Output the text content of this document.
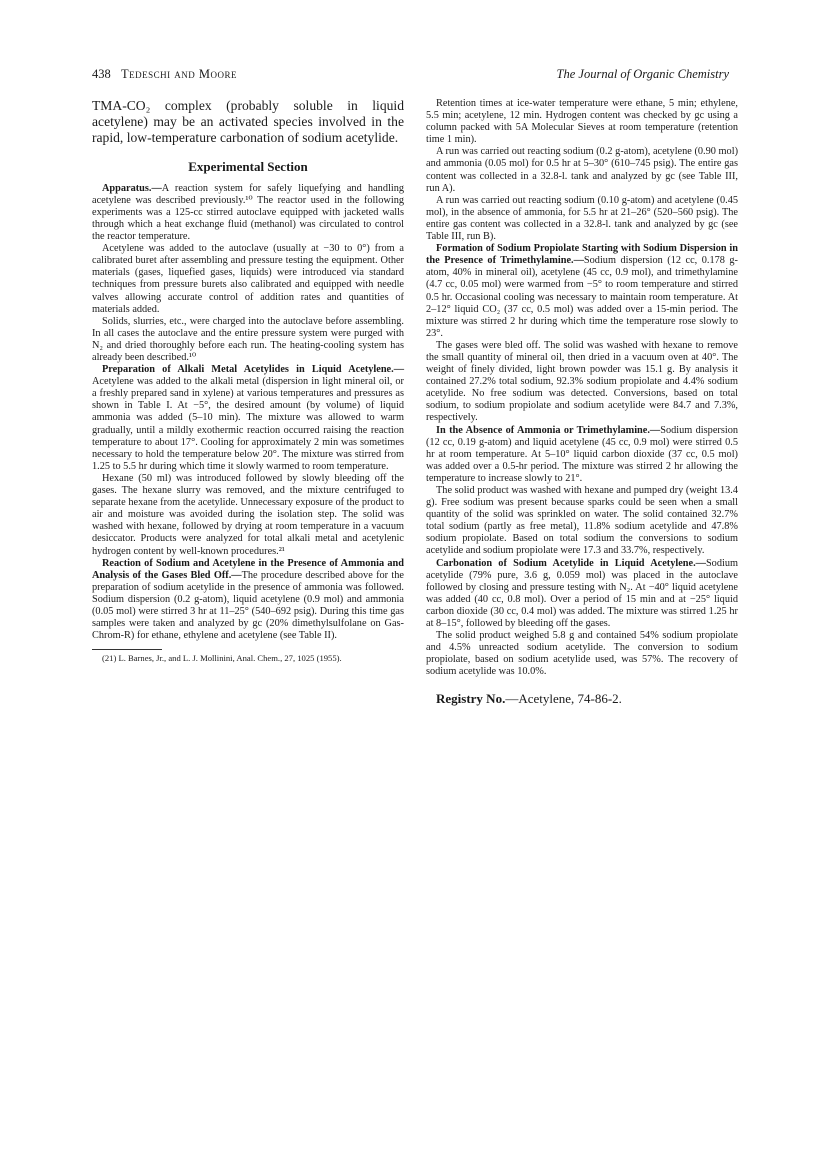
438 Tedeschi and Moore	The Journal of Organic Chemistry
TMA-CO₂ complex (probably soluble in liquid acetylene) may be an activated species involved in the rapid, low-temperature carbonation of sodium acetylide.
Experimental Section

Apparatus.—A reaction system for safely liquefying and handling acetylene was described previously.¹⁰ The reactor used in the following experiments was a 125-cc stirred autoclave equipped with jacketed walls through which a heat exchange fluid (methanol) was circulated to control the reactor temperature.

Acetylene was added to the autoclave (usually at −30 to 0°) from a calibrated buret after assembling and pressure testing the equipment. Other materials (gases, liquefied gases, liquids) were introduced via standard techniques from pressure burets also calibrated and equipped with needle valves allowing accurate control of addition rates and quantities of materials added.

Solids, slurries, etc., were charged into the autoclave before assembling. In all cases the autoclave and the entire pressure system were purged with N₂ and dried thoroughly before each run. The heating-cooling system has already been described.¹⁰

Preparation of Alkali Metal Acetylides in Liquid Acetylene.—Acetylene was added to the alkali metal (dispersion in light mineral oil, or a freshly prepared sand in xylene) at various temperatures and pressures as shown in Table I. At −5°, the desired amount (by volume) of liquid ammonia was added (5–10 min). The mixture was allowed to warm gradually, until a mildly exothermic reaction occurred raising the reaction temperature to about 17°. Cooling for approximately 2 min was sometimes necessary to hold the temperature below 20°. The mixture was stirred from 1.25 to 5.5 hr during which time it slowly warmed to room temperature.

Hexane (50 ml) was introduced followed by slowly bleeding off the gases. The hexane slurry was removed, and the mixture centrifuged to separate hexane from the acetylide. Unnecessary exposure of the product to air and moisture was avoided during the isolation step. The solid was washed with hexane, followed by drying at room temperature in a vacuum desiccator. Products were analyzed for total alkali metal and acetylenic hydrogen content by well-known procedures.²¹

Reaction of Sodium and Acetylene in the Presence of Ammonia and Analysis of the Gases Bled Off.—The procedure described above for the preparation of sodium acetylide in the presence of ammonia was followed. Sodium dispersion (0.2 g-atom), liquid acetylene (0.9 mol) and ammonia (0.05 mol) were stirred 3 hr at 11–25° (540–692 psig). During this time gas samples were taken and analyzed by gc (20% dimethylsulfolane on Gas-Chrom-R) for ethane, ethylene and acetylene (see Table II).

(21) L. Barnes, Jr., and L. J. Mollinini, Anal. Chem., 27, 1025 (1955).

Retention times at ice-water temperature were ethane, 5 min; ethylene, 5.5 min; acetylene, 12 min. Hydrogen content was checked by gc using a column packed with 5A Molecular Sieves at room temperature (retention time 1 min).

A run was carried out reacting sodium (0.2 g-atom), acetylene (0.90 mol) and ammonia (0.05 mol) for 0.5 hr at 5–30° (610–745 psig). The entire gas content was collected in a 32.8-l. tank and analyzed by gc (see Table III, run A).

A run was carried out reacting sodium (0.10 g-atom) and acetylene (0.45 mol), in the absence of ammonia, for 5.5 hr at 21–26° (520–560 psig). The entire gas content was collected in a 32.8-l. tank and analyzed by gc (see Table III, run B).

Formation of Sodium Propiolate Starting with Sodium Dispersion in the Presence of Trimethylamine.—Sodium dispersion (12 cc, 0.178 g-atom, 40% in mineral oil), acetylene (45 cc, 0.9 mol), and trimethylamine (4.7 cc, 0.05 mol) were warmed from −5° to room temperature and stirred 0.5 hr. Occasional cooling was necessary to maintain room temperature. At 2–12° liquid CO₂ (37 cc, 0.5 mol) was added over a 15-min period. The mixture was stirred 2 hr during which time the temperature rose slowly to 23°.

The gases were bled off. The solid was washed with hexane to remove the small quantity of mineral oil, then dried in a vacuum oven at 40°. The weight of finely divided, light brown powder was 15.1 g. By analysis it contained 27.2% total sodium, 92.3% sodium propiolate and 4.4% sodium acetylide. No free sodium was detected. Conversions, based on total sodium, to sodium propiolate and sodium acetylide were 84.7 and 7.3%, respectively.

In the Absence of Ammonia or Trimethylamine.—Sodium dispersion (12 cc, 0.19 g-atom) and liquid acetylene (45 cc, 0.9 mol) were stirred 0.5 hr at room temperature. At 5–10° liquid carbon dioxide (37 cc, 0.5 mol) was added over a 0.5-hr period. The mixture was stirred 2 hr allowing the temperature to increase slowly to 21°.

The solid product was washed with hexane and pumped dry (weight 13.4 g). Free sodium was present because sparks could be seen when a small quantity of the solid was sprinkled on water. The solid contained 32.7% total sodium (partly as free metal), 11.8% sodium acetylide and 47.8% sodium propiolate. Based on total sodium the conversions to sodium acetylide and sodium propiolate were 17.3 and 33.7%, respectively.

Carbonation of Sodium Acetylide in Liquid Acetylene.—Sodium acetylide (79% pure, 3.6 g, 0.059 mol) was placed in the autoclave followed by closing and pressure testing with N₂. At −40° liquid acetylene was added (40 cc, 0.8 mol). Over a period of 15 min and at −25° liquid carbon dioxide (30 cc, 0.4 mol) was added. The mixture was stirred 1.25 hr at 8–15°, followed by bleeding off the gases.

The solid product weighed 5.8 g and contained 54% sodium propiolate and 4.5% unreacted sodium acetylide. The conversion to sodium propiolate, based on sodium acetylide used, was 57%. The recovery of sodium acetylide was 10.0%.

Registry No.—Acetylene, 74-86-2.
